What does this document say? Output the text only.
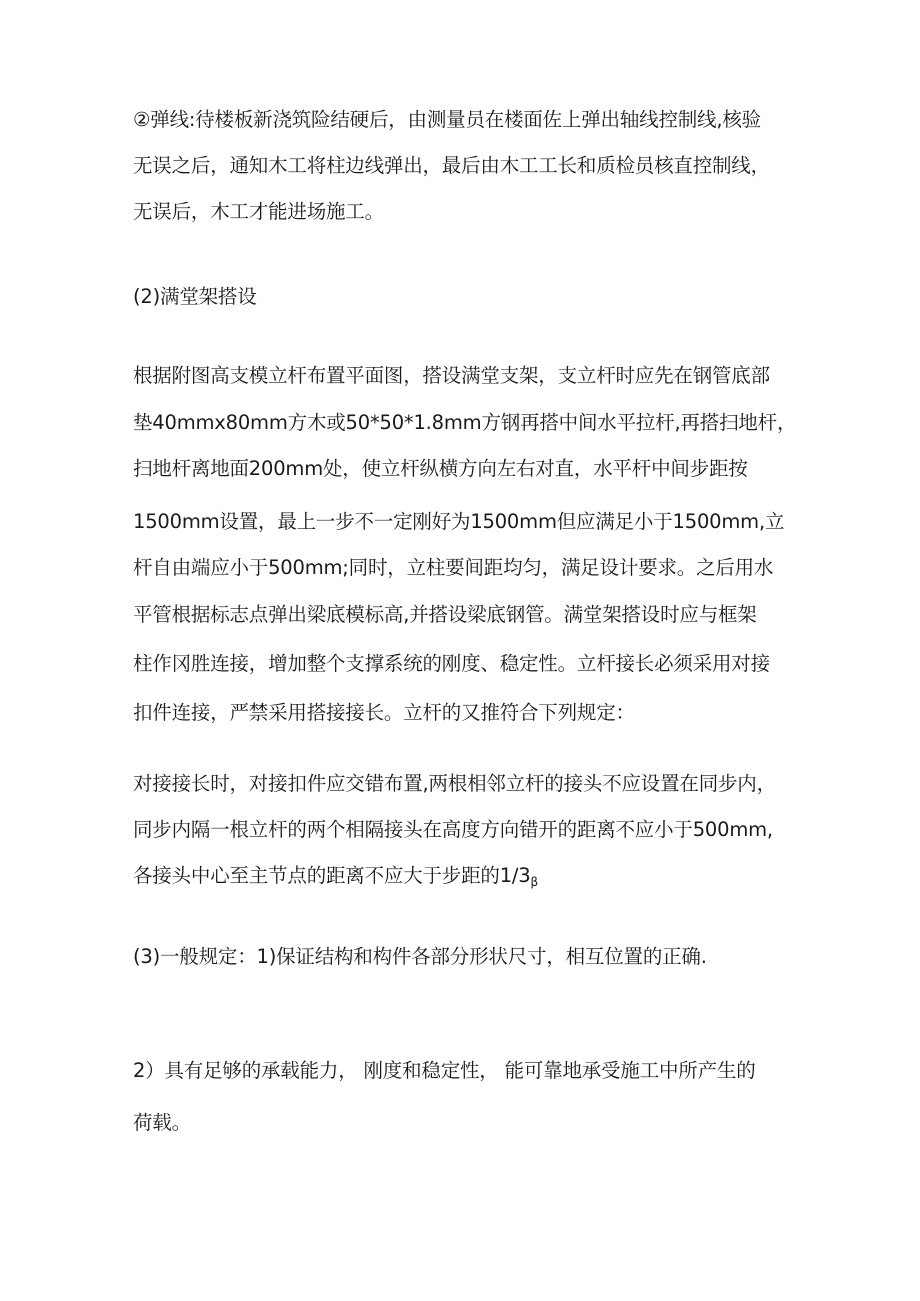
②弹线:待楼板新浇筑险结硬后，由测量员在楼面佐上弹出轴线控制线,核验
无误之后，通知木工将柱边线弹出，最后由木工工长和质检员核直控制线，
无误后，木工才能进场施工。
(2)满堂架搭设
根据附图高支模立杆布置平面图，搭设满堂支架，支立杆时应先在钢管底部
垫40mmx80mm方木或50*50*1.8mm方钢再搭中间水平拉杆,再搭扫地杆，
扫地杆离地面200mm处，使立杆纵横方向左右对直，水平杆中间步距按
1500mm设置，最上一步不一定刚好为1500mm但应满足小于1500mm,立
杆自由端应小于500mm;同时，立柱要间距均匀，满足设计要求。之后用水
平管根据标志点弹出梁底模标高,并搭设梁底钢管。满堂架搭设时应与框架
柱作冈胜连接，增加整个支撑系统的刚度、稳定性。立杆接长必须采用对接
扣件连接，严禁采用搭接接长。立杆的又推符合下列规定：
对接接长时，对接扣件应交错布置,两根相邻立杆的接头不应设置在同步内，
同步内隔一根立杆的两个相隔接头在高度方向错开的距离不应小于500mm,
各接头中心至主节点的距离不应大于步距的$1∕3_\beta$
(3)一般规定：1)保证结构和构件各部分形状尺寸，相互位置的正确.
2）具有足够的承载能力， 刚度和稳定性， 能可靠地承受施工中所产生的
荷载。
